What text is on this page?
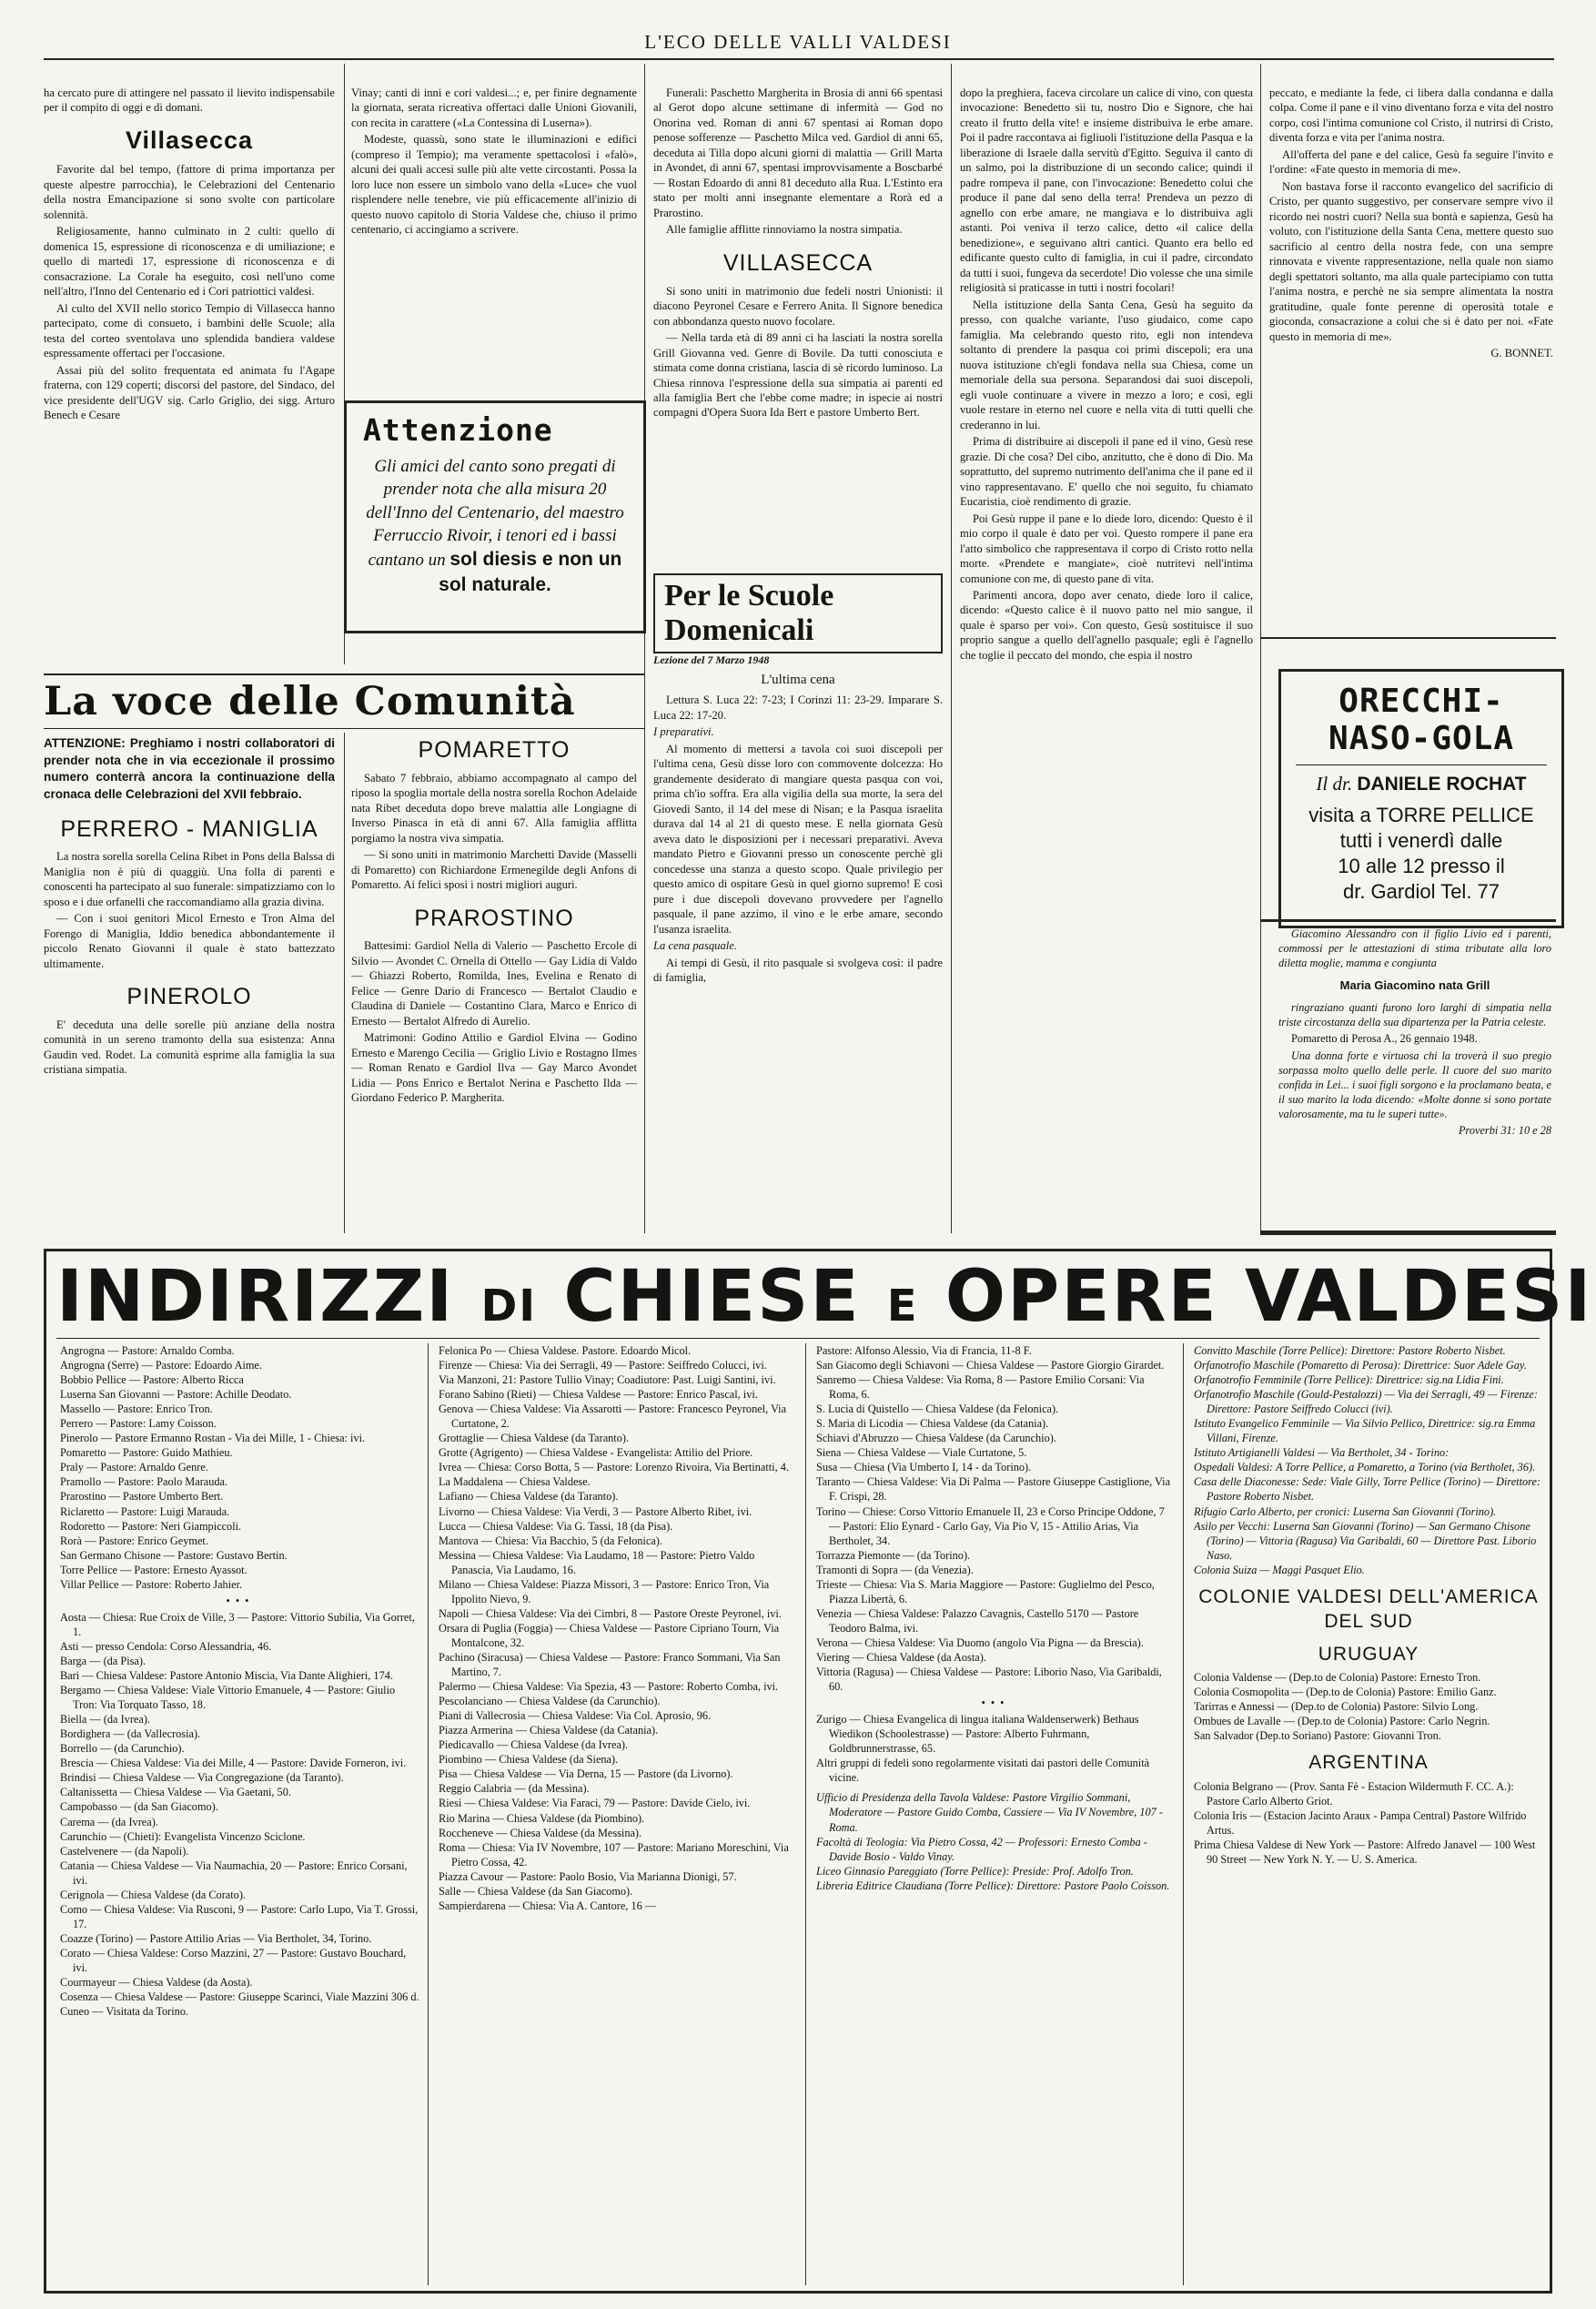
L'ECO DELLE VALLI VALDESI

ha cercato pure di attingere nel passato il lievito indispensabile per il compito di oggi e di domani.

Villasecca

Favorite dal bel tempo, (fattore di prima importanza per queste alpestre parrocchia), le Celebrazioni del Centenario della nostra Emancipazione si sono svolte con particolare solennità.

Religiosamente, hanno culminato in 2 culti: quello di domenica 15, espressione di riconoscenza e di umiliazione; e quello di martedì 17, espressione di riconoscenza e di consacrazione. La Corale ha eseguito, così nell'uno come nell'altro, l'Inno del Centenario ed i Cori patriottici valdesi.

Al culto del XVII nello storico Tempio di Villasecca hanno partecipato, come di consueto, i bambini delle Scuole; alla testa del corteo sventolava uno splendida bandiera valdese espressamente offertaci per l'occasione.

Assai più del solito frequentata ed animata fu l'Agape fraterna, con 129 coperti; discorsi del pastore, del Sindaco, del vice presidente dell'UGV sig. Carlo Griglio, dei sigg. Arturo Benech e Cesare

Vinay; canti di inni e cori valdesi...; e, per finire degnamente la giornata, serata ricreativa offertaci dalle Unioni Giovanili, con recita in carattere («La Contessina di Luserna»).

Modeste, quassù, sono state le illuminazioni e edifici (compreso il Tempio); ma veramente spettacolosi i «falò», alcuni dei quali accesi sulle più alte vette circostanti. Possa la loro luce non essere un simbolo vano della «Luce» che vuol risplendere nelle tenebre, vie più efficacemente all'inizio di questo nuovo capitolo di Storia Valdese che, chiuso il primo centenario, ci accingiamo a scrivere.

Attenzione
Gli amici del canto sono pregati di prender nota che alla misura 20 dell'Inno del Centenario, del maestro Ferruccio Rivoir, i tenori ed i bassi cantano un sol diesis e non un sol naturale.

Funerali: Paschetto Margherita in Brosia di anni 66 spentasi al Gerot dopo alcune settimane di infermità — God no Onorina ved. Roman di anni 67 spentasi ai Roman dopo penose sofferenze — Paschetto Milca ved. Gardiol di anni 65, deceduta ai Tilla dopo alcuni giorni di malattia — Grill Marta in Avondet, di anni 67, spentasi improvvisamente a Boscbarbé — Rostan Edoardo di anni 81 deceduto alla Rua. L'Estinto era stato per molti anni insegnante elementare a Rorà ed a Prarostino.

Alle famiglie afflitte rinnoviamo la nostra simpatia.

VILLASECCA

Si sono uniti in matrimonio due fedeli nostri Unionisti: il diacono Peyronel Cesare e Ferrero Anita. Il Signore benedica con abbondanza questo nuovo focolare.

— Nella tarda età di 89 anni ci ha lasciati la nostra sorella Grill Giovanna ved. Genre di Bovile. Da tutti conosciuta e stimata come donna cristiana, lascia di sè ricordo luminoso. La Chiesa rinnova l'espressione della sua simpatia ai parenti ed alla famiglia Bert che l'ebbe come madre; in ispecie ai nostri compagni d'Opera Suora Ida Bert e pastore Umberto Bert.

Per le Scuole Domenicali

Lezione del 7 Marzo 1948

L'ultima cena

Lettura S. Luca 22: 7-23; I Corinzi 11: 23-29. Imparare S. Luca 22: 17-20.

I preparativi.

Al momento di mettersi a tavola coi suoi discepoli per l'ultima cena, Gesù disse loro con commovente dolcezza: Ho grandemente desiderato di mangiare questa pasqua con voi, prima ch'io soffra. Era alla vigilia della sua morte, la sera del Giovedì Santo, il 14 del mese di Nisan; e la Pasqua israelita durava dal 14 al 21 di questo mese. E nella giornata Gesù aveva dato le disposizioni per i necessari preparativi. Aveva mandato Pietro e Giovanni presso un conoscente perchè gli concedesse una stanza a questo scopo. Quale privilegio per questo amico di ospitare Gesù in quel giorno supremo! E così pure i due discepoli dovevano provvedere per l'agnello pasquale, il pane azzimo, il vino e le erbe amare, secondo l'usanza israelita.

La cena pasquale.

Ai tempi di Gesù, il rito pasquale si svolgeva così: il padre di famiglia,

dopo la preghiera, faceva circolare un calice di vino, con questa invocazione: Benedetto sii tu, nostro Dio e Signore, che hai creato il frutto della vite! e insieme distribuiva le erbe amare. Poi il padre raccontava ai figliuoli l'istituzione della Pasqua e la liberazione di Israele dalla servitù d'Egitto. Seguiva il canto di un salmo, poi la distribuzione di un secondo calice; quindi il padre rompeva il pane, con l'invocazione: Benedetto colui che produce il pane dal seno della terra! Prendeva un pezzo di agnello con erbe amare, ne mangiava e lo distribuiva agli astanti. Poi veniva il terzo calice, detto «il calice della benedizione», e seguivano altri cantici. Quanto era bello ed edificante questo culto di famiglia, in cui il padre, circondato da tutti i suoi, fungeva da secerdote! Dio volesse che una simile religiosità si praticasse in tutti i nostri focolari!

Nella istituzione della Santa Cena, Gesù ha seguito da presso, con qualche variante, l'uso giudaico, come capo famiglia. Ma celebrando questo rito, egli non intendeva soltanto di prendere la pasqua coi primi discepoli; era una nuova istituzione ch'egli fondava nella sua Chiesa, come un memoriale della sua persona. Separandosi dai suoi discepoli, egli vuole continuare a vivere in mezzo a loro; e così, egli vuole restare in eterno nel cuore e nella vita di tutti quelli che crederanno in lui.

Prima di distribuire ai discepoli il pane ed il vino, Gesù rese grazie. Di che cosa? Del cibo, anzitutto, che è dono di Dio. Ma soprattutto, del supremo nutrimento dell'anima che il pane ed il vino rappresentavano. E' quello che noi seguito, fu chiamato Eucaristia, cioè rendimento di grazie.

Poi Gesù ruppe il pane e lo diede loro, dicendo: Questo è il mio corpo il quale è dato per voi. Questo rompere il pane era l'atto simbolico che rappresentava il corpo di Cristo rotto nella morte. «Prendete e mangiate», cioè nutritevi nell'intima comunione con me, di questo pane di vita.

Parimenti ancora, dopo aver cenato, diede loro il calice, dicendo: «Questo calice è il nuovo patto nel mio sangue, il quale è sparso per voi». Con questo, Gesù sostituisce il suo proprio sangue a quello dell'agnello pasquale; egli è l'agnello che toglie il peccato del mondo, che espia il nostro

peccato, e mediante la fede, ci libera dalla condanna e dalla colpa. Come il pane e il vino diventano forza e vita del nostro corpo, così l'intima comunione col Cristo, il nutrirsi di Cristo, diventa forza e vita per l'anima nostra.

All'offerta del pane e del calice, Gesù fa seguire l'invito e l'ordine: «Fate questo in memoria di me».

Non bastava forse il racconto evangelico del sacrificio di Cristo, per quanto suggestivo, per conservare sempre vivo il ricordo nei nostri cuori? Nella sua bontà e sapienza, Gesù ha voluto, con l'istituzione della Santa Cena, mettere questo suo sacrificio al centro della nostra fede, con una sempre rinnovata e vivente rappresentazione, nella quale non siamo degli spettatori soltanto, ma alla quale partecipiamo con tutta l'anima nostra, e perchè ne sia sempre alimentata la nostra gratitudine, quale fonte perenne di operosità totale e gioconda, consacrazione a colui che si è dato per noi. «Fate questo in memoria di me».

G. BONNET.

La voce delle Comunità

ATTENZIONE: Preghiamo i nostri collaboratori di prender nota che in via eccezionale il prossimo numero conterrà ancora la continuazione della cronaca delle Celebrazioni del XVII febbraio.

PERRERO - MANIGLIA

La nostra sorella sorella Celina Ribet in Pons della Balssa di Maniglia non è più di quaggiù. Una folla di parenti e conoscenti ha partecipato al suo funerale: simpatizziamo con lo sposo e i due orfanelli che raccomandiamo alla grazia divina.

— Con i suoi genitori Micol Ernesto e Tron Alma del Forengo di Maniglia, Iddio benedica abbondantemente il piccolo Renato Giovanni il quale è stato battezzato ultimamente.

PINEROLO

E' deceduta una delle sorelle più anziane della nostra comunità in un sereno tramonto della sua esistenza: Anna Gaudin ved. Rodet. La comunità esprime alla famiglia la sua cristiana simpatia.

POMARETTO

Sabato 7 febbraio, abbiamo accompagnato al campo del riposo la spoglia mortale della nostra sorella Rochon Adelaide nata Ribet deceduta dopo breve malattia alle Longiagne di Inverso Pinasca in età di anni 67. Alla famiglia afflitta porgiamo la nostra viva simpatia.

— Si sono uniti in matrimonio Marchetti Davide (Masselli di Pomaretto) con Richiardone Ermenegilde degli Anfons di Pomaretto. Ai felici sposi i nostri migliori auguri.

PRAROSTINO

Battesimi: Gardiol Nella di Valerio — Paschetto Ercole di Silvio — Avondet C. Ornella di Ottello — Gay Lidia di Valdo — Ghiazzi Roberto, Romilda, Ines, Evelina e Renato di Felice — Genre Dario di Francesco — Bertalot Claudio e Claudina di Daniele — Costantino Clara, Marco e Enrico di Ernesto — Bertalot Alfredo di Aurelio.

Matrimoni: Godino Attilio e Gardiol Elvina — Godino Ernesto e Marengo Cecilia — Griglio Livio e Rostagno Ilmes — Roman Renato e Gardiol Ilva — Gay Marco Avondet Lidia — Pons Enrico e Bertalot Nerina e Paschetto Ilda — Giordano Federico P. Margherita.

ORECCHI-NASO-GOLA
Il dr. DANIELE ROCHAT
visita a TORRE PELLICE
tutti i venerdì dalle
10 alle 12 presso il
dr. Gardiol Tel. 77

Giacomino Alessandro con il figlio Livio ed i parenti, commossi per le attestazioni di stima tributate alla loro diletta moglie, mamma e congiunta

Maria Giacomino nata Grill

ringraziano quanti furono loro larghi di simpatia nella triste circostanza della sua dipartenza per la Patria celeste.

Pomaretto di Perosa A., 26 gennaio 1948.

Una donna forte e virtuosa chi la troverà il suo pregio sorpassa molto quello delle perle. Il cuore del suo marito confida in Lei... i suoi figli sorgono e la proclamano beata, e il suo marito la loda dicendo: «Molte donne si sono portate valorosamente, ma tu le superi tutte».

Proverbi 31: 10 e 28

INDIRIZZI DI CHIESE E OPERE VALDESI
Angrogna — Pastore: Arnaldo Comba.
Angrogna (Serre) — Pastore: Edoardo Aime.
Bobbio Pellice — Pastore: Alberto Ricca
Luserna San Giovanni — Pastore: Achille Deodato.
Massello — Pastore: Enrico Tron.
Perrero — Pastore: Lamy Coisson.
Pinerolo — Pastore Ermanno Rostan - Via dei Mille, 1 - Chiesa: ivi.
Pomaretto — Pastore: Guido Mathieu.
Praly — Pastore: Arnaldo Genre.
Pramollo — Pastore: Paolo Marauda.
Prarostino — Pastore Umberto Bert.
Riclaretto — Pastore: Luigi Marauda.
Rodoretto — Pastore: Neri Giampiccoli.
Rorà — Pastore: Enrico Geymet.
San Germano Chisone — Pastore: Gustavo Bertin.
Torre Pellice — Pastore: Ernesto Ayassot.
Villar Pellice — Pastore: Roberto Jahier.
•••
Aosta — Chiesa: Rue Croix de Ville, 3 — Pastore: Vittorio Subilia, Via Gorret, 1.
Asti — presso Cendola: Corso Alessandria, 46.
Barga — (da Pisa).
Bari — Chiesa Valdese: Pastore Antonio Miscia, Via Dante Alighieri, 174.
Bergamo — Chiesa Valdese: Viale Vittorio Emanuele, 4 — Pastore: Giulio Tron: Via Torquato Tasso, 18.
Biella — (da Ivrea).
Bordighera — (da Vallecrosia).
Borrello — (da Carunchio).
Brescia — Chiesa Valdese: Via dei Mille, 4 — Pastore: Davide Forneron, ivi.
Brindisi — Chiesa Valdese — Via Congregazione (da Taranto).
Caltanissetta — Chiesa Valdese — Via Gaetani, 50.
Campobasso — (da San Giacomo).
Carema — (da Ivrea).
Carunchio — (Chieti): Evangelista Vincenzo Sciclone.
Castelvenere — (da Napoli).
Catania — Chiesa Valdese — Via Naumachia, 20 — Pastore: Enrico Corsani, ivi.
Cerignola — Chiesa Valdese (da Corato).
Como — Chiesa Valdese: Via Rusconi, 9 — Pastore: Carlo Lupo, Via T. Grossi, 17.
Coazze (Torino) — Pastore Attilio Arias — Via Bertholet, 34, Torino.
Corato — Chiesa Valdese: Corso Mazzini, 27 — Pastore: Gustavo Bouchard, ivi.
Courmayeur — Chiesa Valdese (da Aosta).
Cosenza — Chiesa Valdese — Pastore: Giuseppe Scarinci, Viale Mazzini 306 d.
Cuneo — Visitata da Torino.
Felonica Po — Chiesa Valdese. Pastore. Edoardo Micol.
Firenze — Chiesa: Via dei Serragli, 49 — Pastore: Seiffredo Colucci, ivi.
Via Manzoni, 21: Pastore Tullio Vinay; Coadiutore: Past. Luigi Santini, ivi.
Forano Sabino (Rieti) — Chiesa Valdese — Pastore: Enrico Pascal, ivi.
Genova — Chiesa Valdese: Via Assarotti — Pastore: Francesco Peyronel, Via Curtatone, 2.
Grottaglie — Chiesa Valdese (da Taranto).
Grotte (Agrigento) — Chiesa Valdese - Evangelista: Attilio del Priore.
Ivrea — Chiesa: Corso Botta, 5 — Pastore: Lorenzo Rivoira, Via Bertinatti, 4.
La Maddalena — Chiesa Valdese.
Lafiano — Chiesa Valdese (da Taranto).
Livorno — Chiesa Valdese: Via Verdi, 3 — Pastore Alberto Ribet, ivi.
Lucca — Chiesa Valdese: Via G. Tassi, 18 (da Pisa).
Mantova — Chiesa: Via Bacchio, 5 (da Felonica).
Messina — Chiesa Valdese: Via Laudamo, 18 — Pastore: Pietro Valdo Panascia, Via Laudamo, 16.
Milano — Chiesa Valdese: Piazza Missori, 3 — Pastore: Enrico Tron, Via Ippolito Nievo, 9.
Napoli — Chiesa Valdese: Via dei Cimbri, 8 — Pastore Oreste Peyronel, ivi.
Orsara di Puglia (Foggia) — Chiesa Valdese — Pastore Cipriano Tourn, Via Montalcone, 32.
Pachino (Siracusa) — Chiesa Valdese — Pastore: Franco Sommani, Via San Martino, 7.
Palermo — Chiesa Valdese: Via Spezia, 43 — Pastore: Roberto Comba, ivi.
Pescolanciano — Chiesa Valdese (da Carunchio).
Piani di Vallecrosia — Chiesa Valdese: Via Col. Aprosio, 96.
Piazza Armerina — Chiesa Valdese (da Catania).
Piedicavallo — Chiesa Valdese (da Ivrea).
Piombino — Chiesa Valdese (da Siena).
Pisa — Chiesa Valdese — Via Derna, 15 — Pastore (da Livorno).
Reggio Calabria — (da Messina).
Riesi — Chiesa Valdese: Via Faraci, 79 — Pastore: Davide Cielo, ivi.
Rio Marina — Chiesa Valdese (da Piombino).
Roccheneve — Chiesa Valdese (da Messina).
Roma — Chiesa: Via IV Novembre, 107 — Pastore: Mariano Moreschini, Via Pietro Cossa, 42.
Piazza Cavour — Pastore: Paolo Bosio, Via Marianna Dionigi, 57.
Salle — Chiesa Valdese (da San Giacomo).
Sampierdarena — Chiesa: Via A. Cantore, 16 —
Pastore: Alfonso Alessio, Via di Francia, 11-8 F.
San Giacomo degli Schiavoni — Chiesa Valdese — Pastore Giorgio Girardet.
Sanremo — Chiesa Valdese: Via Roma, 8 — Pastore Emilio Corsani: Via Roma, 6.
S. Lucia di Quistello — Chiesa Valdese (da Felonica).
S. Maria di Licodia — Chiesa Valdese (da Catania).
Schiavi d'Abruzzo — Chiesa Valdese (da Carunchio).
Siena — Chiesa Valdese — Viale Curtatone, 5.
Susa — Chiesa (Via Umberto I, 14 - da Torino).
Taranto — Chiesa Valdese: Via Di Palma — Pastore Giuseppe Castiglione, Via F. Crispi, 28.
Torino — Chiese: Corso Vittorio Emanuele II, 23 e Corso Principe Oddone, 7 — Pastori: Elio Eynard - Carlo Gay, Via Pio V, 15 - Attilio Arias, Via Bertholet, 34.
Torrazza Piemonte — (da Torino).
Tramonti di Sopra — (da Venezia).
Trieste — Chiesa: Via S. Maria Maggiore — Pastore: Guglielmo del Pesco, Piazza Libertà, 6.
Venezia — Chiesa Valdese: Palazzo Cavagnis, Castello 5170 — Pastore Teodoro Balma, ivi.
Verona — Chiesa Valdese: Via Duomo (angolo Via Pigna — da Brescia).
Viering — Chiesa Valdese (da Aosta).
Vittoria (Ragusa) — Chiesa Valdese — Pastore: Liborio Naso, Via Garibaldi, 60.
•••
Zurigo — Chiesa Evangelica di lingua italiana Waldenserwerk) Bethaus Wiedikon (Schoolestrasse) — Pastore: Alberto Fuhrmann, Goldbrunnerstrasse, 65.
Altri gruppi di fedeli sono regolarmente visitati dai pastori delle Comunità vicine.
Ufficio di Presidenza della Tavola Valdese: Pastore Virgilio Sommani, Moderatore — Pastore Guido Comba, Cassiere — Via IV Novembre, 107 - Roma.
Facoltà di Teologia: Via Pietro Cossa, 42 — Professori: Ernesto Comba - Davide Bosio - Valdo Vinay.
Liceo Ginnasio Pareggiato (Torre Pellice): Preside: Prof. Adolfo Tron.
Libreria Editrice Claudiana (Torre Pellice): Direttore: Pastore Paolo Coisson.
Convitto Maschile (Torre Pellice): Direttore: Pastore Roberto Nisbet.
Orfanotrofio Maschile (Pomaretto di Perosa): Direttrice: Suor Adele Gay.
Orfanotrofio Femminile (Torre Pellice): Direttrice: sig.na Lidia Fini.
Orfanotrofio Maschile (Gould-Pestalozzi) — Via dei Serragli, 49 — Firenze: Direttore: Pastore Seiffredo Colucci (ivi).
Istituto Evangelico Femminile — Via Silvio Pellico, Direttrice: sig.ra Emma Villani, Firenze.
Istituto Artigianelli Valdesi — Via Bertholet, 34 - Torino:
Ospedali Valdesi: A Torre Pellice, a Pomaretto, a Torino (via Bertholet, 36).
Casa delle Diaconesse: Sede: Viale Gilly, Torre Pellice (Torino) — Direttore: Pastore Roberto Nisbet.
Rifugio Carlo Alberto, per cronici: Luserna San Giovanni (Torino).
Asilo per Vecchi: Luserna San Giovanni (Torino) — San Germano Chisone (Torino) — Vittoria (Ragusa) Via Garibaldi, 60 — Direttore Past. Liborio Naso.
Colonia Suiza — Maggi Pasquet Elio.
COLONIE VALDESI DELL'AMERICA DEL SUD
URUGUAY
Colonia Valdense — (Dep.to de Colonia) Pastore: Ernesto Tron.
Colonia Cosmopolita — (Dep.to de Colonia) Pastore: Emilio Ganz.
Tarirras e Annessi — (Dep.to de Colonia) Pastore: Silvio Long.
Ombues de Lavalle — (Dep.to de Colonia) Pastore: Carlo Negrin.
San Salvador (Dep.to Soriano) Pastore: Giovanni Tron.
ARGENTINA
Colonia Belgrano — (Prov. Santa Fè - Estacion Wildermuth F. CC. A.): Pastore Carlo Alberto Griot.
Colonia Iris — (Estacion Jacinto Araux - Pampa Central) Pastore Wilfrido Artus.
Prima Chiesa Valdese di New York — Pastore: Alfredo Janavel — 100 West 90 Street — New York N. Y. — U. S. America.
